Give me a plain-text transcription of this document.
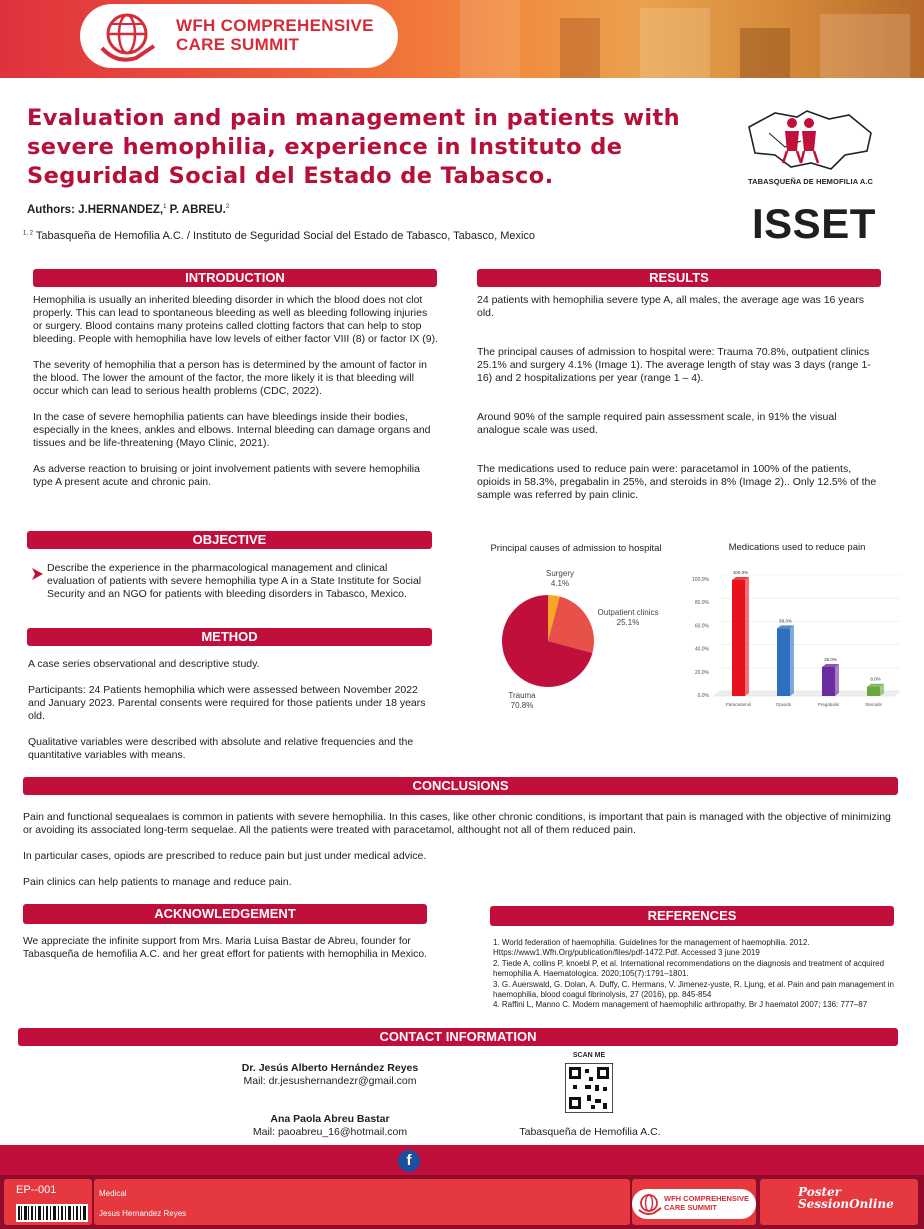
WFH COMPREHENSIVE
CARE SUMMIT
Evaluation and pain management in patients with severe hemophilia, experience in Instituto de Seguridad Social del Estado de Tabasco.
Authors: J.HERNANDEZ,$^1$ P. ABREU.$^2$
$^{1, 2}$ Tabasqueña de Hemofilia A.C. / Instituto de Seguridad Social del Estado de Tabasco, Tabasco, Mexico
TABASQUEÑA DE HEMOFILIA A.C
ISSET
INTRODUCTION

Hemophilia is usually an inherited bleeding disorder in which the blood does not clot properly. This can lead to spontaneous bleeding as well as bleeding following injuries or surgery. Blood contains many proteins called clotting factors that can help to stop bleeding. People with hemophilia have low levels of either factor VIII (8) or factor IX (9).

The severity of hemophilia that a person has is determined by the amount of factor in the blood. The lower the amount of the factor, the more likely it is that bleeding will occur which can lead to serious health problems (CDC, 2022).

In the case of severe hemophilia patients can have bleedings inside their bodies, especially in the knees, ankles and elbows. Internal bleeding can damage organs and tissues and be life-threatening (Mayo Clinic, 2021).

As adverse reaction to bruising or joint involvement patients with severe hemophilia type A present acute and chronic pain.

OBJECTIVE
Describe the experience in the pharmacological management and clinical evaluation of patients with severe hemophilia type A in a State Institute for Social Security and an NGO for patients with bleeding disorders in Tabasco, Mexico.
METHOD

A case series observational and descriptive study.

Participants: 24 Patients hemophilia which were assessed between November 2022 and January 2023. Parental consents were required for those patients under 18 years old.

Qualitative variables were described with absolute and relative frequencies and the quantitative variables with means.

RESULTS

24 patients with hemophilia severe type A, all males, the average age was 16 years old.

The principal causes of admission to hospital were: Trauma 70.8%, outpatient clinics 25.1% and surgery 4.1% (Image 1). The average length of stay was 3 days (range 1-16) and 2 hospitalizations per year (range 1 – 4).

Around 90% of the sample required pain assessment scale, in 91% the visual analogue scale was used.

The medications used to reduce pain were: paracetamol in 100% of the patients, opioids in 58.3%, pregabalin in 25%, and steroids in 8% (Image 2).. Only 12.5% of the sample was referred by pain clinic.

Principal causes of admission to hospital
Surgery
4.1%
Outpatient clinics
25.1%
Trauma
70.8%
Medications used to reduce pain
0.0%
20.0%
40.0%
60.0%
80.0%
100.0%
100.0%
Paracetamol
58.3%
Opioids
25.0%
Pregabalin
8.0%
Steroids
CONCLUSIONS

Pain and functional sequealaes is common in patients with severe hemophilia. In this cases, like other chronic conditions, is important that pain is managed with the objective of minimizing or avoiding its associated long-term sequelae. All the patients were treated with paracetamol, althought not all of them reduced pain.

In particular cases, opiods are prescribed to reduce pain but just under medical advice.

Pain clinics can help patients to manage and reduce pain.

ACKNOWLEDGEMENT
We appreciate the infinite support from Mrs. Maria Luisa Bastar de Abreu, founder for Tabasqueña de hemofilia A.C. and her great effort for patients with hemophilia in Mexico.
REFERENCES
1. World federation of haemophilia. Guidelines for the management of haemophilia. 2012. Https://www1.Wfh.Org/publication/files/pdf-1472.Pdf. Accessed 3 june 2019
2. Tiede A, collins P, knoebl P, et al. International recommendations on the diagnosis and treatment of acquired hemophilia A. Haematologica. 2020;105(7):1791–1801.
3. G. Auerswald, G. Dolan, A. Duffy, C. Hermans, V. Jimenez-yuste, R. Ljung, et al. Pain and pain management in haemophilia, blood coagul fibrinolysis, 27 (2016), pp. 845-854
4. Raffini L, Manno C. Modern management of haemophilic arthropathy. Br J haematol 2007; 136: 777–87
CONTACT INFORMATION
Dr. Jesús Alberto Hernández Reyes
Mail: dr.jesushernandezr@gmail.com
Ana Paola Abreu Bastar
Mail: paoabreu_16@hotmail.com
SCAN ME
Tabasqueña de Hemofilia A.C.
f
EP--001	Medical
Jesus Hernandez Reyes
WFH COMPREHENSIVE
CARE SUMMIT
Poster
SessionOnline
